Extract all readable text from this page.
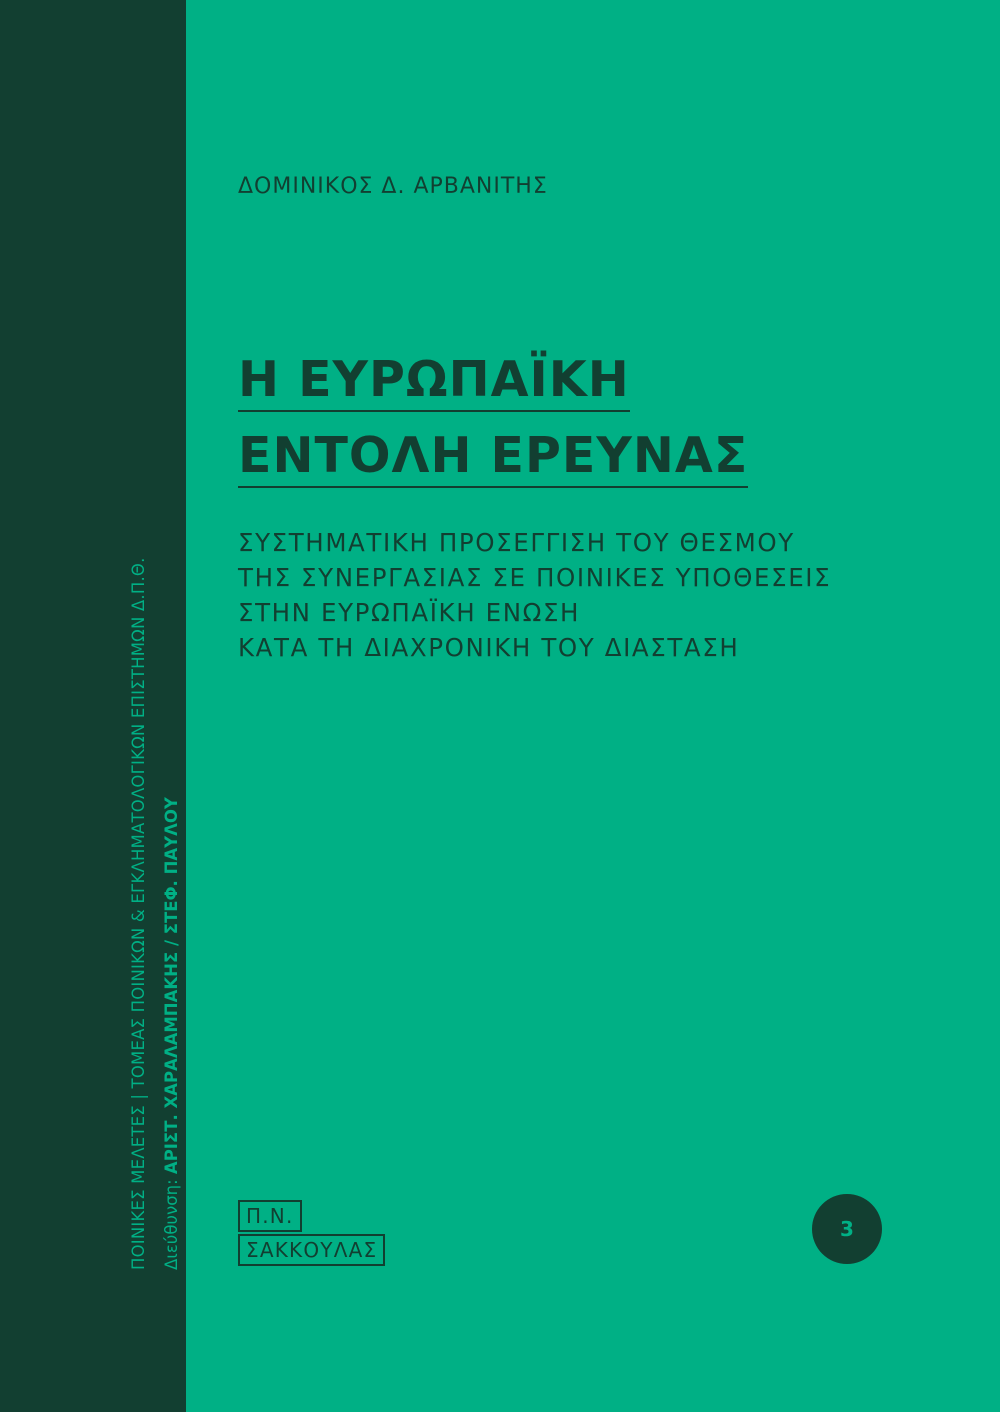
ΠΟΙΝΙΚΕΣ ΜΕΛΕΤΕΣ | ΤΟΜΕΑΣ ΠΟΙΝΙΚΩΝ & ΕΓΚΛΗΜΑΤΟΛΟΓΙΚΩΝ ΕΠΙΣΤΗΜΩΝ Δ.Π.Θ. Διεύθυνση: ΑΡΙΣΤ. ΧΑΡΑΛΑΜΠΑΚΗΣ / ΣΤΕΦ. ΠΑΥΛΟΥ
ΔΟΜΙΝΙΚΟΣ Δ. ΑΡΒΑΝΙΤΗΣ
Η ΕΥΡΩΠΑΪΚΗ
ΕΝΤΟΛΗ ΕΡΕΥΝΑΣ
ΣΥΣΤΗΜΑΤΙΚΗ ΠΡΟΣΕΓΓΙΣΗ ΤΟΥ ΘΕΣΜΟΥ
ΤΗΣ ΣΥΝΕΡΓΑΣΙΑΣ ΣΕ ΠΟΙΝΙΚΕΣ ΥΠΟΘΕΣΕΙΣ
ΣΤΗΝ ΕΥΡΩΠΑΪΚΗ ΕΝΩΣΗ
ΚΑΤΑ ΤΗ ΔΙΑΧΡΟΝΙΚΗ ΤΟΥ ΔΙΑΣΤΑΣΗ
Π.Ν.
ΣΑΚΚΟΥΛΑΣ
3
